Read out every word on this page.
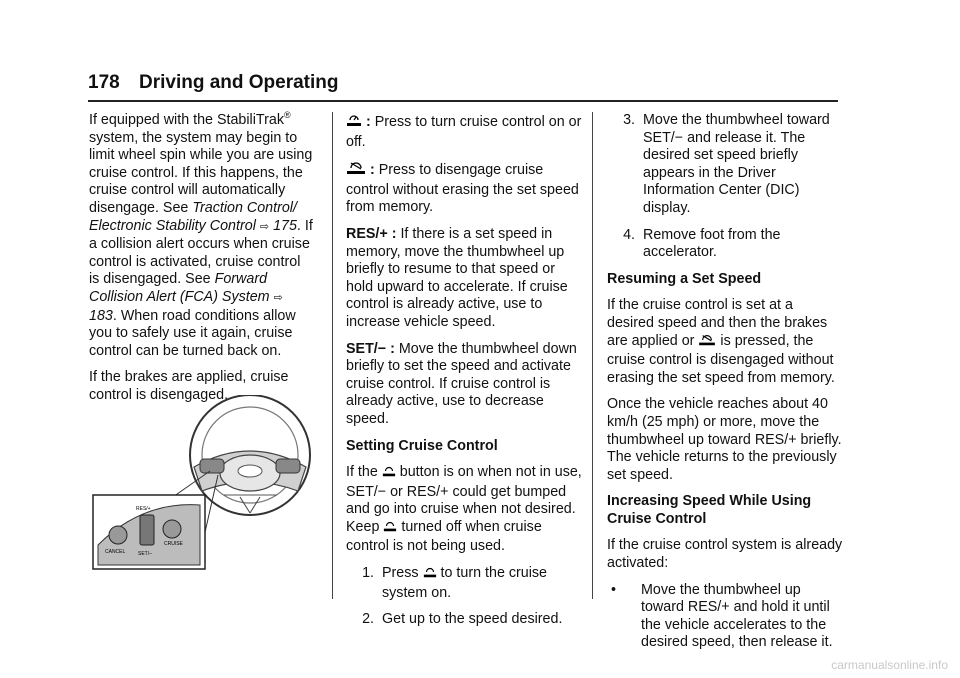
178 Driving and Operating

If equipped with the StabiliTrak® system, the system may begin to limit wheel spin while you are using cruise control. If this happens, the cruise control will automatically disengage. See Traction Control/ Electronic Stability Control ⇨ 175. If a collision alert occurs when cruise control is activated, cruise control is disengaged. See Forward Collision Alert (FCA) System ⇨ 183. When road conditions allow you to safely use it again, cruise control can be turned back on.

If the brakes are applied, cruise control is disengaged.

CANCEL
RES/+
CRUISE
SET/–

: Press to turn cruise control on or off.

: Press to disengage cruise control without erasing the set speed from memory.

RES/+ : If there is a set speed in memory, move the thumbwheel up briefly to resume to that speed or hold upward to accelerate. If cruise control is already active, use to increase vehicle speed.

SET/− : Move the thumbwheel down briefly to set the speed and activate cruise control. If cruise control is already active, use to decrease speed.

Setting Cruise Control

If the button is on when not in use, SET/− or RES/+ could get bumped and go into cruise when not desired. Keep turned off when cruise control is not being used.

1. Press to turn the cruise system on.
2. Get up to the speed desired.
3. Move the thumbwheel toward SET/− and release it. The desired set speed briefly appears in the Driver Information Center (DIC) display.
4. Remove foot from the accelerator.

Resuming a Set Speed

If the cruise control is set at a desired speed and then the brakes are applied or is pressed, the cruise control is disengaged without erasing the set speed from memory.

Once the vehicle reaches about 40 km/h (25 mph) or more, move the thumbwheel up toward RES/+ briefly. The vehicle returns to the previously set speed.

Increasing Speed While Using Cruise Control

If the cruise control system is already activated:

•	Move the thumbwheel up toward RES/+ and hold it until the vehicle accelerates to the desired speed, then release it.
carmanualsonline.info
